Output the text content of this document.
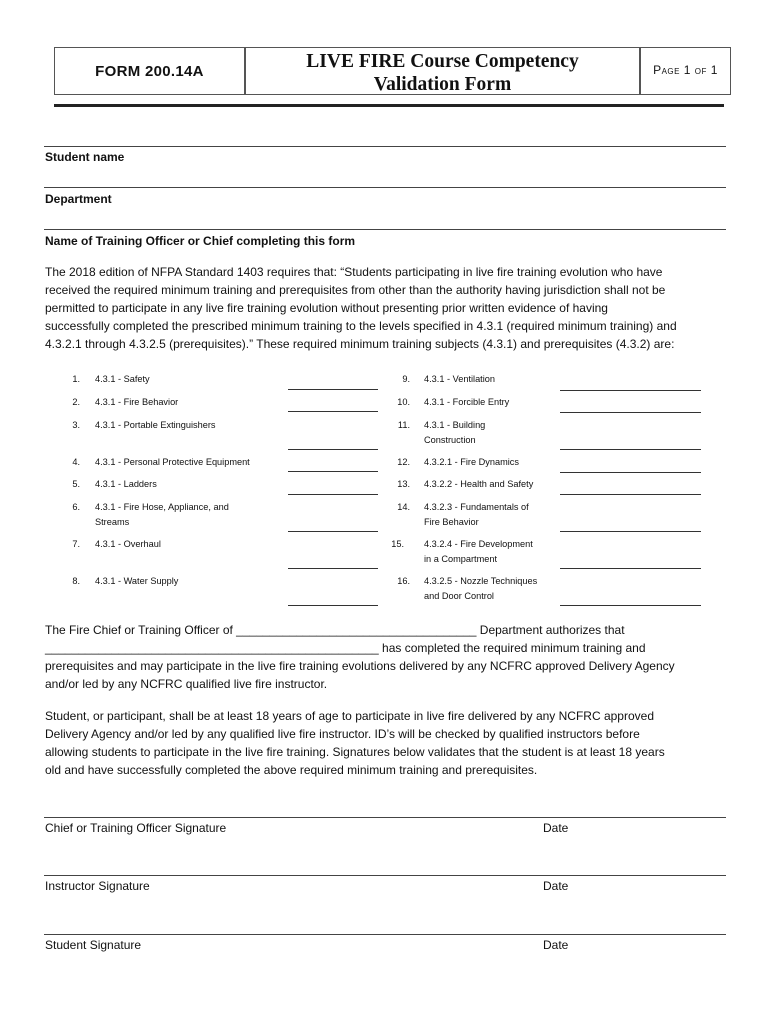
FORM 200.14A	LIVE FIRE Course Competency
Validation Form
Page 1 of 1
Student name
Department
Name of Training Officer or Chief completing this form
The 2018 edition of NFPA Standard 1403 requires that: “Students participating in live fire training evolution who have
received the required minimum training and prerequisites from other than the authority having jurisdiction shall not be
permitted to participate in any live fire training evolution without presenting prior written evidence of having
successfully completed the prescribed minimum training to the levels specified in 4.3.1 (required minimum training) and
4.3.2.1 through 4.3.2.5 (prerequisites).” These required minimum training subjects (4.3.1) and prerequisites (4.3.2) are:
1. 4.3.1 - Safety
2. 4.3.1 - Fire Behavior
3. 4.3.1 - Portable Extinguishers
4. 4.3.1 - Personal Protective Equipment
5. 4.3.1 - Ladders
6. 4.3.1 - Fire Hose, Appliance, and
Streams
7. 4.3.1 - Overhaul
8. 4.3.1 - Water Supply
9. 4.3.1 - Ventilation
10. 4.3.1 - Forcible Entry
11. 4.3.1 - Building
Construction
12. 4.3.2.1 - Fire Dynamics
13. 4.3.2.2 - Health and Safety
14. 4.3.2.3 - Fundamentals of
Fire Behavior
15. 4.3.2.4 - Fire Development
in a Compartment
16. 4.3.2.5 - Nozzle Techniques
and Door Control
The Fire Chief or Training Officer of ____________________________________ Department authorizes that
__________________________________________________ has completed the required minimum training and
prerequisites and may participate in the live fire training evolutions delivered by any NCFRC approved Delivery Agency
and/or led by any NCFRC qualified live fire instructor.
Student, or participant, shall be at least 18 years of age to participate in live fire delivered by any NCFRC approved
Delivery Agency and/or led by any qualified live fire instructor. ID’s will be checked by qualified instructors before
allowing students to participate in the live fire training. Signatures below validates that the student is at least 18 years
old and have successfully completed the above required minimum training and prerequisites.
Chief or Training Officer Signature	Date
Instructor Signature	Date
Student Signature	Date
